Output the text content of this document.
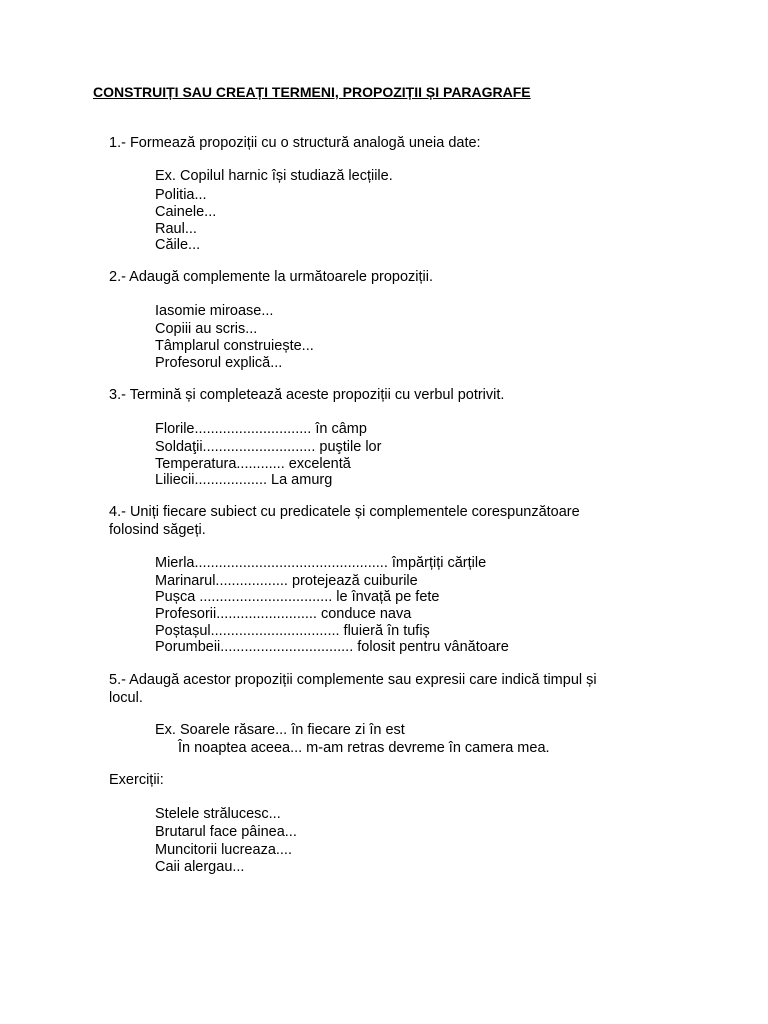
CONSTRUIȚI SAU CREAȚI TERMENI, PROPOZIȚII ȘI PARAGRAFE
1.- Formează propoziții cu o structură analogă uneia date:
Ex. Copilul harnic își studiază lecțiile.
Politia...
Cainele...
Raul...
Căile...
2.- Adaugă complemente la următoarele propoziții.
Iasomie miroase...
Copiii au scris...
Tâmplarul construiește...
Profesorul explică...
3.- Termină și completează aceste propoziții cu verbul potrivit.
Florile............................. în câmp
Soldaţii............................ puştile lor
Temperatura............ excelentă
Liliecii.................. La amurg
4.- Uniți fiecare subiect cu predicatele și complementele corespunzătoare
folosind săgeți.
Mierla................................................ împărțiți cărțile
Marinarul.................. protejează cuiburile
Pușca ................................. le învață pe fete
Profesorii......................... conduce nava
Poștașul................................ fluieră în tufiș
Porumbeii................................. folosit pentru vânătoare
5.- Adaugă acestor propoziții complemente sau expresii care indică timpul și
locul.
Ex. Soarele răsare... în fiecare zi în est
În noaptea aceea... m-am retras devreme în camera mea.
Exerciții:
Stelele strălucesc...
Brutarul face pâinea...
Muncitorii lucreaza....
Caii alergau...
